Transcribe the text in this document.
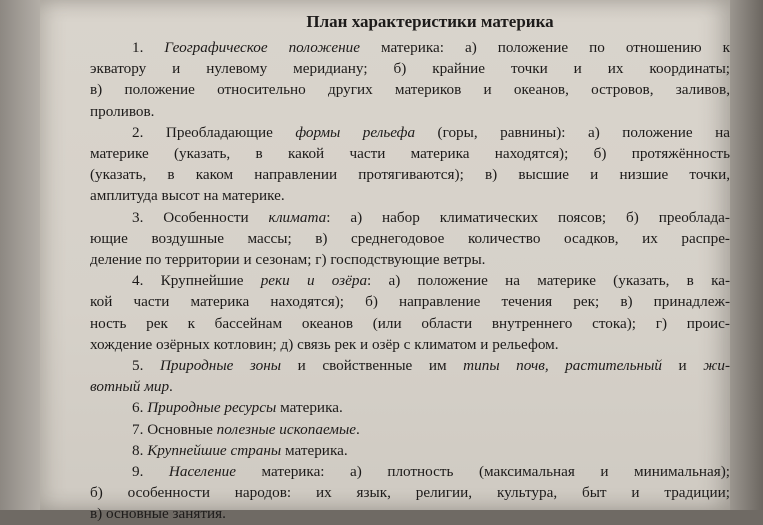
План характеристики материка
1. Географическое положение материка: а) положение по отношению к
экватору и нулевому меридиану; б) крайние точки и их координаты;
в) положение относительно других материков и океанов, островов, заливов,
проливов.
2. Преобладающие формы рельефа (горы, равнины): а) положение на
материке (указать, в какой части материка находятся); б) протяжённость
(указать, в каком направлении протягиваются); в) высшие и низшие точки,
амплитуда высот на материке.
3. Особенности климата: а) набор климатических поясов; б) преоблада-
ющие воздушные массы; в) среднегодовое количество осадков, их распре-
деление по территории и сезонам; г) господствующие ветры.
4. Крупнейшие реки и озёра: а) положение на материке (указать, в ка-
кой части материка находятся); б) направление течения рек; в) принадлеж-
ность рек к бассейнам океанов (или области внутреннего стока); г) проис-
хождение озёрных котловин; д) связь рек и озёр с климатом и рельефом.
5. Природные зоны и свойственные им типы почв, растительный и жи-
вотный мир.
6. Природные ресурсы материка.
7. Основные полезные ископаемые.
8. Крупнейшие страны материка.
9. Население материка: а) плотность (максимальная и минимальная);
б) особенности народов: их язык, религии, культура, быт и традиции;
в) основные занятия.
